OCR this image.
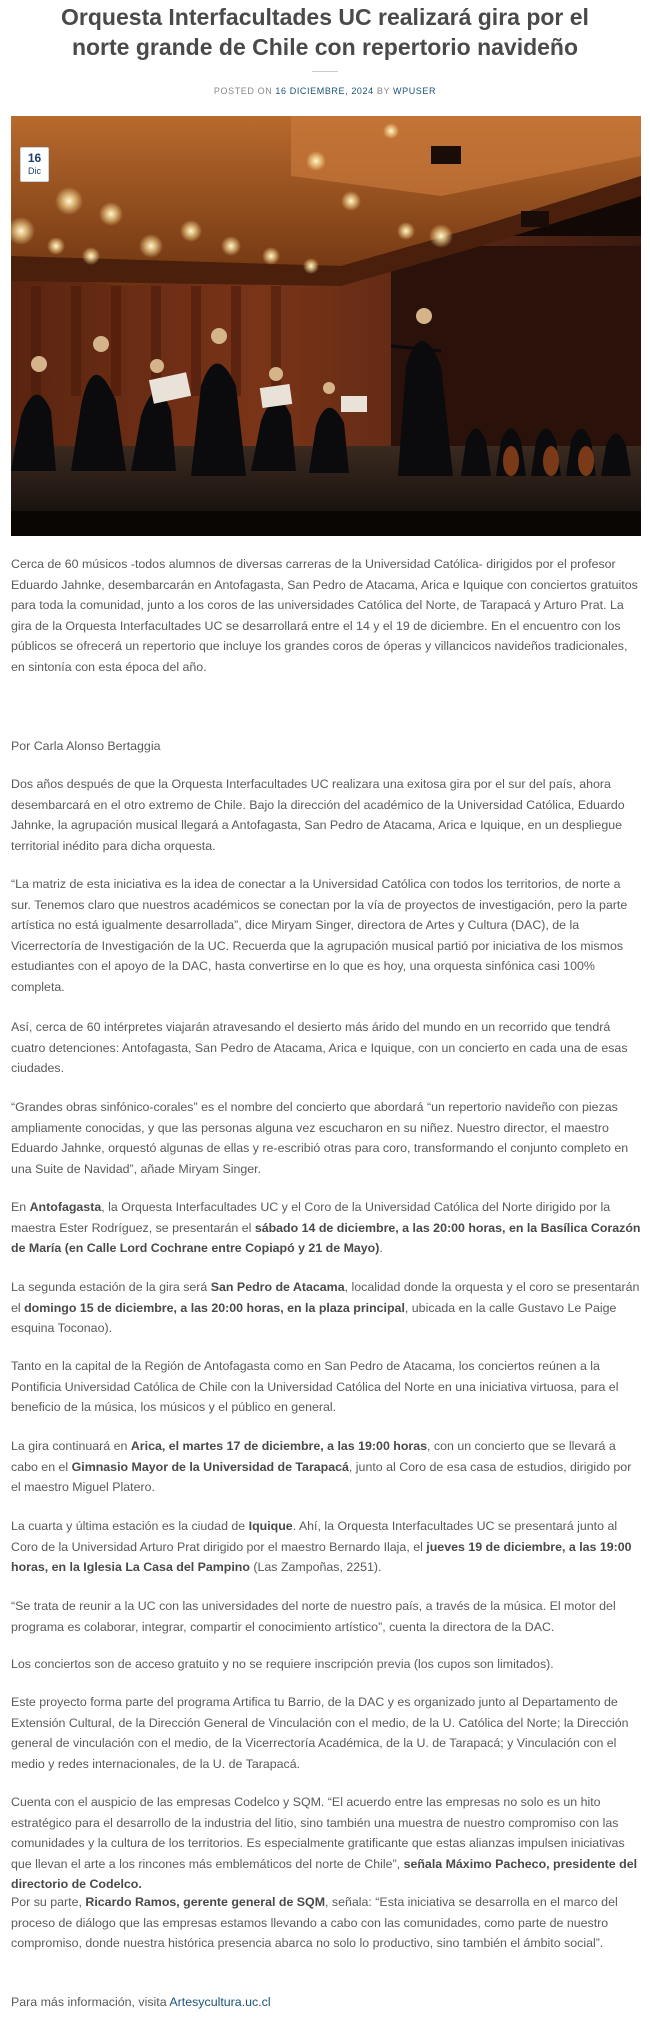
Orquesta Interfacultades UC realizará gira por el norte grande de Chile con repertorio navideño
POSTED ON 16 DICIEMBRE, 2024 BY WPUSER
16
Dic

Cerca de 60 músicos -todos alumnos de diversas carreras de la Universidad Católica- dirigidos por el profesor Eduardo Jahnke, desembarcarán en Antofagasta, San Pedro de Atacama, Arica e Iquique con conciertos gratuitos para toda la comunidad, junto a los coros de las universidades Católica del Norte, de Tarapacá y Arturo Prat. La gira de la Orquesta Interfacultades UC se desarrollará entre el 14 y el 19 de diciembre. En el encuentro con los públicos se ofrecerá un repertorio que incluye los grandes coros de óperas y villancicos navideños tradicionales, en sintonía con esta época del año.

Por Carla Alonso Bertaggia

Dos años después de que la Orquesta Interfacultades UC realizara una exitosa gira por el sur del país, ahora desembarcará en el otro extremo de Chile. Bajo la dirección del académico de la Universidad Católica, Eduardo Jahnke, la agrupación musical llegará a Antofagasta, San Pedro de Atacama, Arica e Iquique, en un despliegue territorial inédito para dicha orquesta.

“La matriz de esta iniciativa es la idea de conectar a la Universidad Católica con todos los territorios, de norte a sur. Tenemos claro que nuestros académicos se conectan por la vía de proyectos de investigación, pero la parte artística no está igualmente desarrollada”, dice Miryam Singer, directora de Artes y Cultura (DAC), de la Vicerrectoría de Investigación de la UC. Recuerda que la agrupación musical partió por iniciativa de los mismos estudiantes con el apoyo de la DAC, hasta convertirse en lo que es hoy, una orquesta sinfónica casi 100% completa.

Así, cerca de 60 intérpretes viajarán atravesando el desierto más árido del mundo en un recorrido que tendrá cuatro detenciones: Antofagasta, San Pedro de Atacama, Arica e Iquique, con un concierto en cada una de esas ciudades.

“Grandes obras sinfónico-corales” es el nombre del concierto que abordará “un repertorio navideño con piezas ampliamente conocidas, y que las personas alguna vez escucharon en su niñez. Nuestro director, el maestro Eduardo Jahnke, orquestó algunas de ellas y re-escribió otras para coro, transformando el conjunto completo en una Suite de Navidad”, añade Miryam Singer.

En Antofagasta, la Orquesta Interfacultades UC y el Coro de la Universidad Católica del Norte dirigido por la maestra Ester Rodríguez, se presentarán el sábado 14 de diciembre, a las 20:00 horas, en la Basílica Corazón de María (en Calle Lord Cochrane entre Copiapó y 21 de Mayo).

La segunda estación de la gira será San Pedro de Atacama, localidad donde la orquesta y el coro se presentarán el domingo 15 de diciembre, a las 20:00 horas, en la plaza principal, ubicada en la calle Gustavo Le Paige esquina Toconao).

Tanto en la capital de la Región de Antofagasta como en San Pedro de Atacama, los conciertos reúnen a la Pontificia Universidad Católica de Chile con la Universidad Católica del Norte en una iniciativa virtuosa, para el beneficio de la música, los músicos y el público en general.

La gira continuará en Arica, el martes 17 de diciembre, a las 19:00 horas, con un concierto que se llevará a cabo en el Gimnasio Mayor de la Universidad de Tarapacá, junto al Coro de esa casa de estudios, dirigido por el maestro Miguel Platero.

La cuarta y última estación es la ciudad de Iquique. Ahí, la Orquesta Interfacultades UC se presentará junto al Coro de la Universidad Arturo Prat dirigido por el maestro Bernardo Ilaja, el jueves 19 de diciembre, a las 19:00 horas, en la Iglesia La Casa del Pampino (Las Zampoñas, 2251).

“Se trata de reunir a la UC con las universidades del norte de nuestro país, a través de la música. El motor del programa es colaborar, integrar, compartir el conocimiento artístico”, cuenta la directora de la DAC.

Los conciertos son de acceso gratuito y no se requiere inscripción previa (los cupos son limitados).

Este proyecto forma parte del programa Artifica tu Barrio, de la DAC y es organizado junto al Departamento de Extensión Cultural, de la Dirección General de Vinculación con el medio, de la U. Católica del Norte; la Dirección general de vinculación con el medio, de la Vicerrectoría Académica, de la U. de Tarapacá; y Vinculación con el medio y redes internacionales, de la U. de Tarapacá.

Cuenta con el auspicio de las empresas Codelco y SQM. “El acuerdo entre las empresas no solo es un hito estratégico para el desarrollo de la industria del litio, sino también una muestra de nuestro compromiso con las comunidades y la cultura de los territorios. Es especialmente gratificante que estas alianzas impulsen iniciativas que llevan el arte a los rincones más emblemáticos del norte de Chile”, señala Máximo Pacheco, presidente del directorio de Codelco.

Por su parte, Ricardo Ramos, gerente general de SQM, señala: “Esta iniciativa se desarrolla en el marco del proceso de diálogo que las empresas estamos llevando a cabo con las comunidades, como parte de nuestro compromiso, donde nuestra histórica presencia abarca no solo lo productivo, sino también el ámbito social”.

Para más información, visita Artesycultura.uc.cl
